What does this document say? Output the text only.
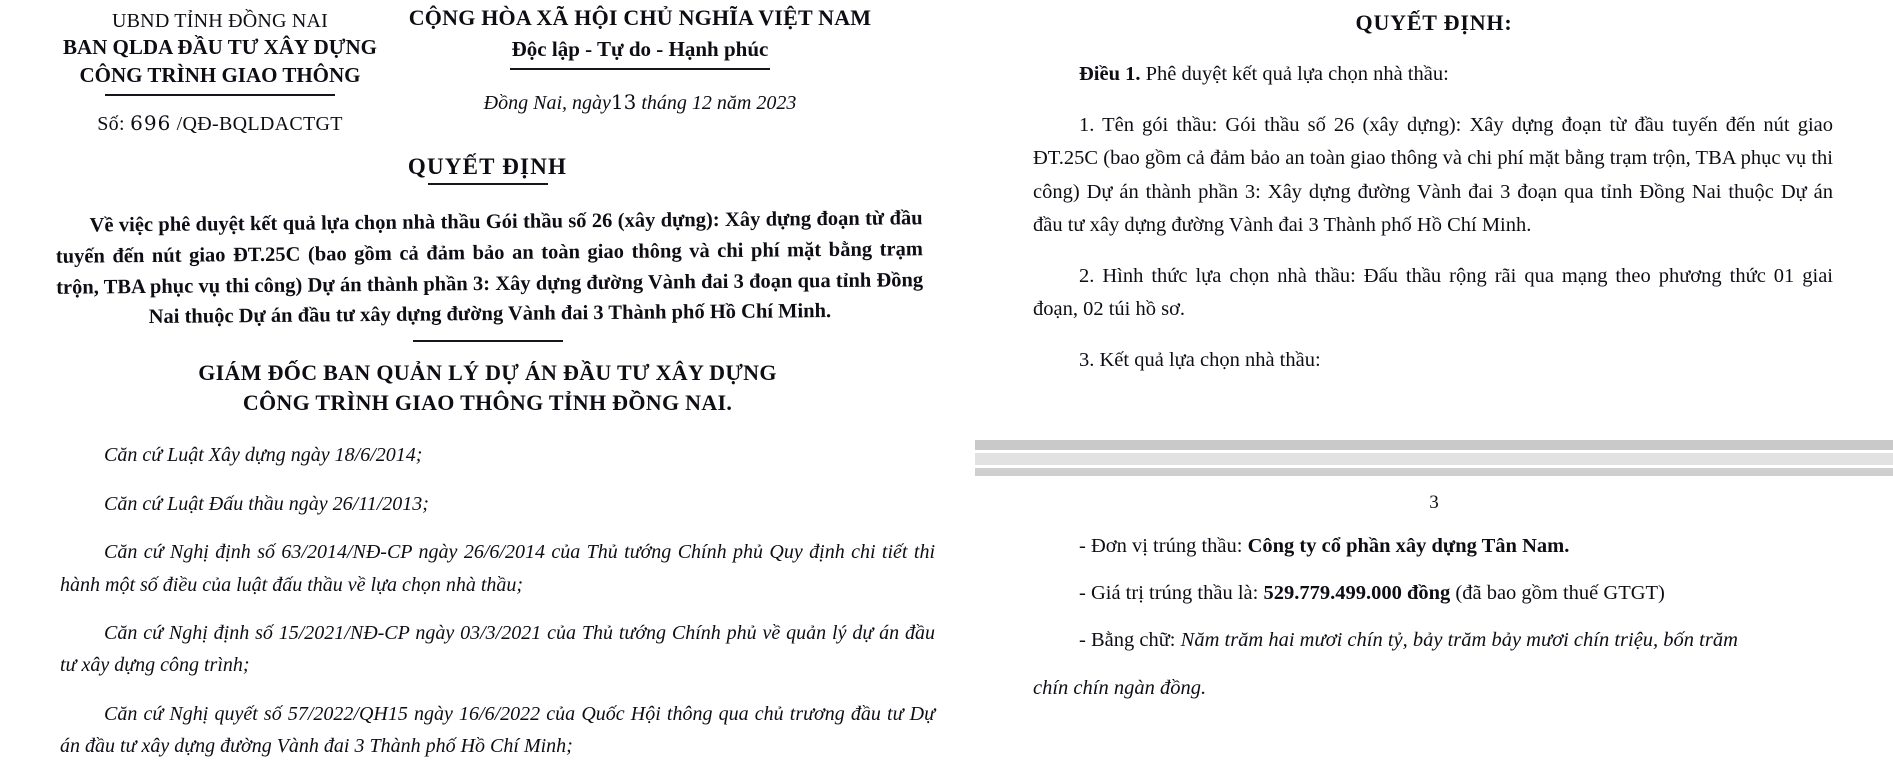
UBND TỈNH ĐỒNG NAI
BAN QLDA ĐẦU TƯ XÂY DỰNG
CÔNG TRÌNH GIAO THÔNG
Số: 696 /QĐ-BQLDACTGT
CỘNG HÒA XÃ HỘI CHỦ NGHĨA VIỆT NAM
Độc lập - Tự do - Hạnh phúc
Đồng Nai, ngày13 tháng 12 năm 2023
QUYẾT ĐỊNH
Về việc phê duyệt kết quả lựa chọn nhà thầu Gói thầu số 26 (xây dựng): Xây dựng đoạn từ đầu tuyến đến nút giao ĐT.25C (bao gồm cả đảm bảo an toàn giao thông và chi phí mặt bằng trạm trộn, TBA phục vụ thi công) Dự án thành phần 3: Xây dựng đường Vành đai 3 đoạn qua tỉnh Đồng Nai thuộc Dự án đầu tư xây dựng đường Vành đai 3 Thành phố Hồ Chí Minh.
GIÁM ĐỐC BAN QUẢN LÝ DỰ ÁN ĐẦU TƯ XÂY DỰNG
CÔNG TRÌNH GIAO THÔNG TỈNH ĐỒNG NAI.

Căn cứ Luật Xây dựng ngày 18/6/2014;

Căn cứ Luật Đấu thầu ngày 26/11/2013;

Căn cứ Nghị định số 63/2014/NĐ-CP ngày 26/6/2014 của Thủ tướng Chính phủ Quy định chi tiết thi hành một số điều của luật đấu thầu về lựa chọn nhà thầu;

Căn cứ Nghị định số 15/2021/NĐ-CP ngày 03/3/2021 của Thủ tướng Chính phủ về quản lý dự án đầu tư xây dựng công trình;

Căn cứ Nghị quyết số 57/2022/QH15 ngày 16/6/2022 của Quốc Hội thông qua chủ trương đầu tư Dự án đầu tư xây dựng đường Vành đai 3 Thành phố Hồ Chí Minh;

QUYẾT ĐỊNH:

Điều 1. Phê duyệt kết quả lựa chọn nhà thầu:

1. Tên gói thầu: Gói thầu số 26 (xây dựng): Xây dựng đoạn từ đầu tuyến đến nút giao ĐT.25C (bao gồm cả đảm bảo an toàn giao thông và chi phí mặt bằng trạm trộn, TBA phục vụ thi công) Dự án thành phần 3: Xây dựng đường Vành đai 3 đoạn qua tỉnh Đồng Nai thuộc Dự án đầu tư xây dựng đường Vành đai 3 Thành phố Hồ Chí Minh.

2. Hình thức lựa chọn nhà thầu: Đấu thầu rộng rãi qua mạng theo phương thức 01 giai đoạn, 02 túi hồ sơ.

3. Kết quả lựa chọn nhà thầu:

3

- Đơn vị trúng thầu: Công ty cổ phần xây dựng Tân Nam.

- Giá trị trúng thầu là: 529.779.499.000 đồng (đã bao gồm thuế GTGT)

- Bằng chữ: Năm trăm hai mươi chín tỷ, bảy trăm bảy mươi chín triệu, bốn trăm

chín chín ngàn đồng.
